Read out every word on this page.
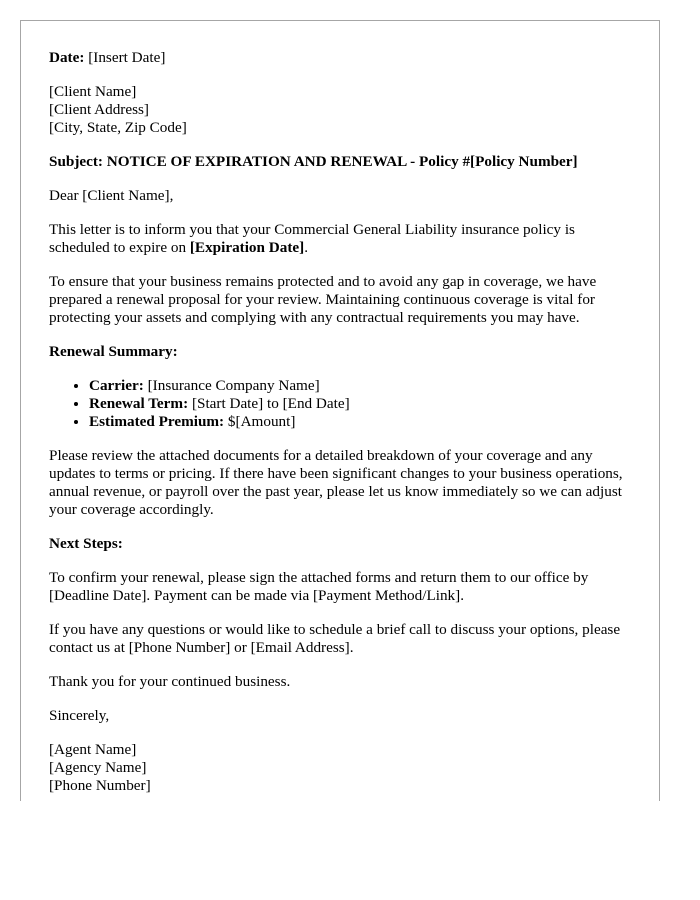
Date: [Insert Date]

[Client Name]
[Client Address]
[City, State, Zip Code]

Subject: NOTICE OF EXPIRATION AND RENEWAL - Policy #[Policy Number]

Dear [Client Name],

This letter is to inform you that your Commercial General Liability insurance policy is scheduled to expire on [Expiration Date].

To ensure that your business remains protected and to avoid any gap in coverage, we have prepared a renewal proposal for your review. Maintaining continuous coverage is vital for protecting your assets and complying with any contractual requirements you may have.

Renewal Summary:

• Carrier: [Insurance Company Name]
• Renewal Term: [Start Date] to [End Date]
• Estimated Premium: $[Amount]

Please review the attached documents for a detailed breakdown of your coverage and any updates to terms or pricing. If there have been significant changes to your business operations, annual revenue, or payroll over the past year, please let us know immediately so we can adjust your coverage accordingly.

Next Steps:

To confirm your renewal, please sign the attached forms and return them to our office by [Deadline Date]. Payment can be made via [Payment Method/Link].

If you have any questions or would like to schedule a brief call to discuss your options, please contact us at [Phone Number] or [Email Address].

Thank you for your continued business.

Sincerely,

[Agent Name]
[Agency Name]
[Phone Number]
